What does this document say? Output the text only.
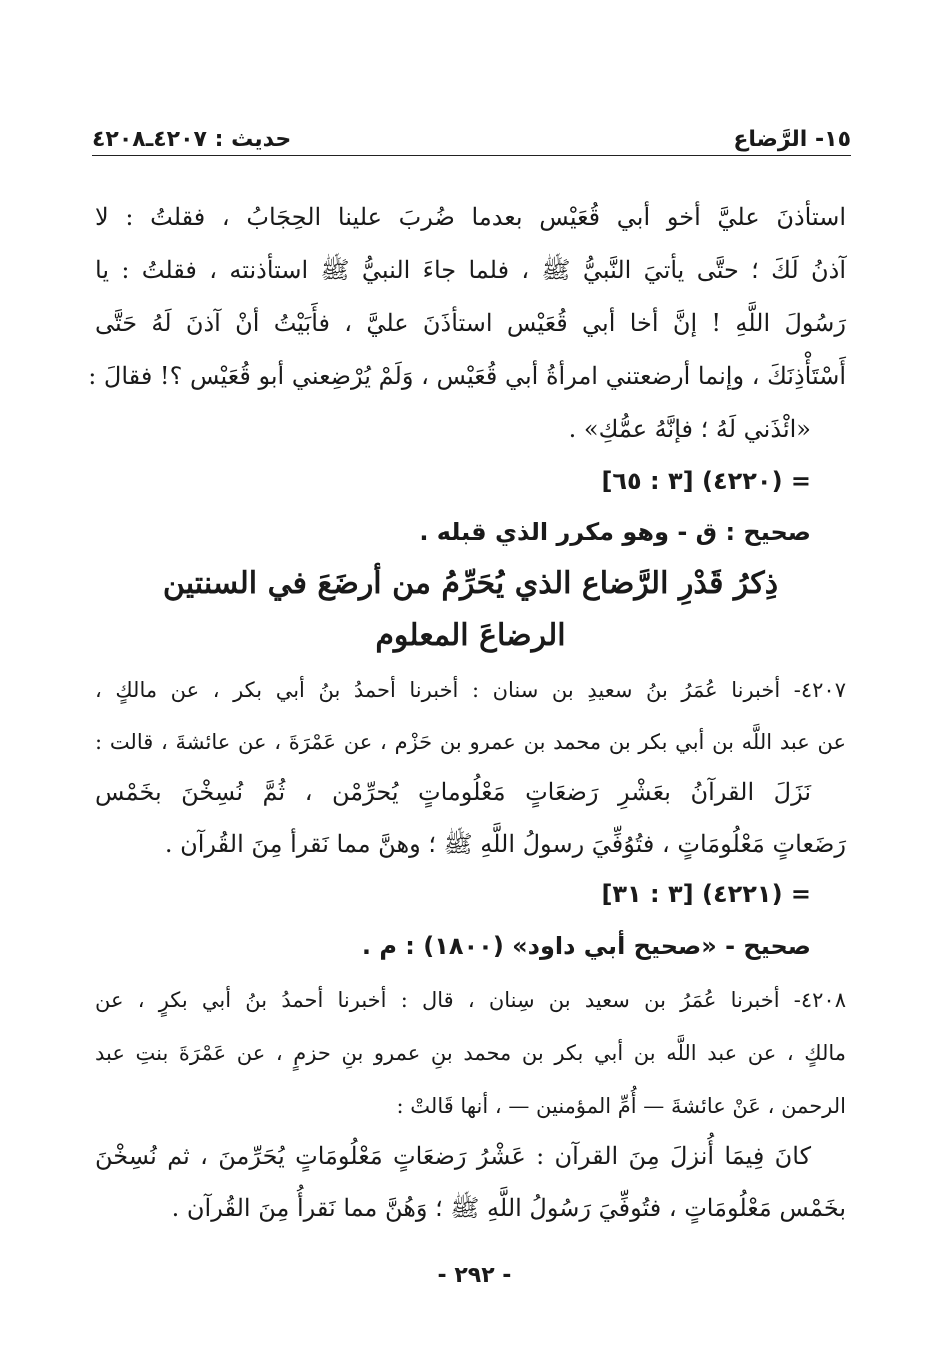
١٥- الرَّضاع
حديث : ٤٢٠٧ـ٤٢٠٨
استأذنَ عليَّ أخو أبي قُعَيْس بعدما ضُربَ علينا الحِجَابُ ، فقلتُ : لا
آذنُ لَكَ ؛ حتَّى يأتيَ النَّبيُّ ﷺ ، فلما جاءَ النبيُّ ﷺ استأذنته ، فقلتُ : يا
رَسُولَ اللَّهِ ! إنَّ أخا أبي قُعَيْس استأذَنَ عليَّ ، فأَبَيْتُ أنْ آذنَ لَهُ حَتَّى
أَسْتَأْذِنَكَ ، وإنما أرضعتني امرأةُ أبي قُعَيْس ، وَلَمْ يُرْضِعني أبو قُعَيْس ؟! فقالَ :
«ائْذَني لَهُ ؛ فإنَّهُ عمُّكِ» .
= (٤٢٢٠) [٣ : ٦٥]
صحيح : ق - وهو مكرر الذي قبله .
ذِكرُ قَدْرِ الرَّضاع الذي يُحَرِّمُ من أرضَعَ في السنتين
الرضاعَ المعلوم
٤٢٠٧- أخبرنا عُمَرُ بنُ سعيدِ بن سنان : أخبرنا أحمدُ بنُ أبي بكر ، عن مالكٍ ،
عن عبد اللَّه بن أبي بكر بن محمد بن عمرو بن حَزْم ، عن عَمْرَةَ ، عن عائشةَ ، قالت :
نَزَلَ القرآنُ بعَشْرِ رَضعَاتٍ مَعْلُوماتٍ يُحرِّمْن ، ثُمَّ نُسِخْنَ بخَمْس
رَضَعاتٍ مَعْلُومَاتٍ ، فتُوُفِّيَ رسولُ اللَّهِ ﷺ ؛ وهنَّ مما نَقرأ مِنَ القُرآن .
= (٤٢٢١) [٣ : ٣١]
صحيح - «صحيح أبي داود» (١٨٠٠) : م .
٤٢٠٨- أخبرنا عُمَرُ بن سعيد بن سِنان ، قال : أخبرنا أحمدُ بنُ أبي بكرٍ ، عن
مالكٍ ، عن عبد اللَّه بن أبي بكر بن محمد بنِ عمرو بنِ حزمٍ ، عن عَمْرَةَ بنتِ عبد
الرحمن ، عَنْ عائشةَ — أُمِّ المؤمنين — ، أنها قَالتْ :
كانَ فِيمَا أُنزلَ مِنَ القرآن : عَشْرُ رَضعَاتٍ مَعْلُومَاتٍ يُحَرِّمنَ ، ثم نُسِخْنَ
بخَمْس مَعْلُومَاتٍ ، فتُوفِّيَ رَسُولُ اللَّهِ ﷺ ؛ وَهُنَّ مما نَقرأُ مِنَ القُرآن .
- ٢٩٢ -
